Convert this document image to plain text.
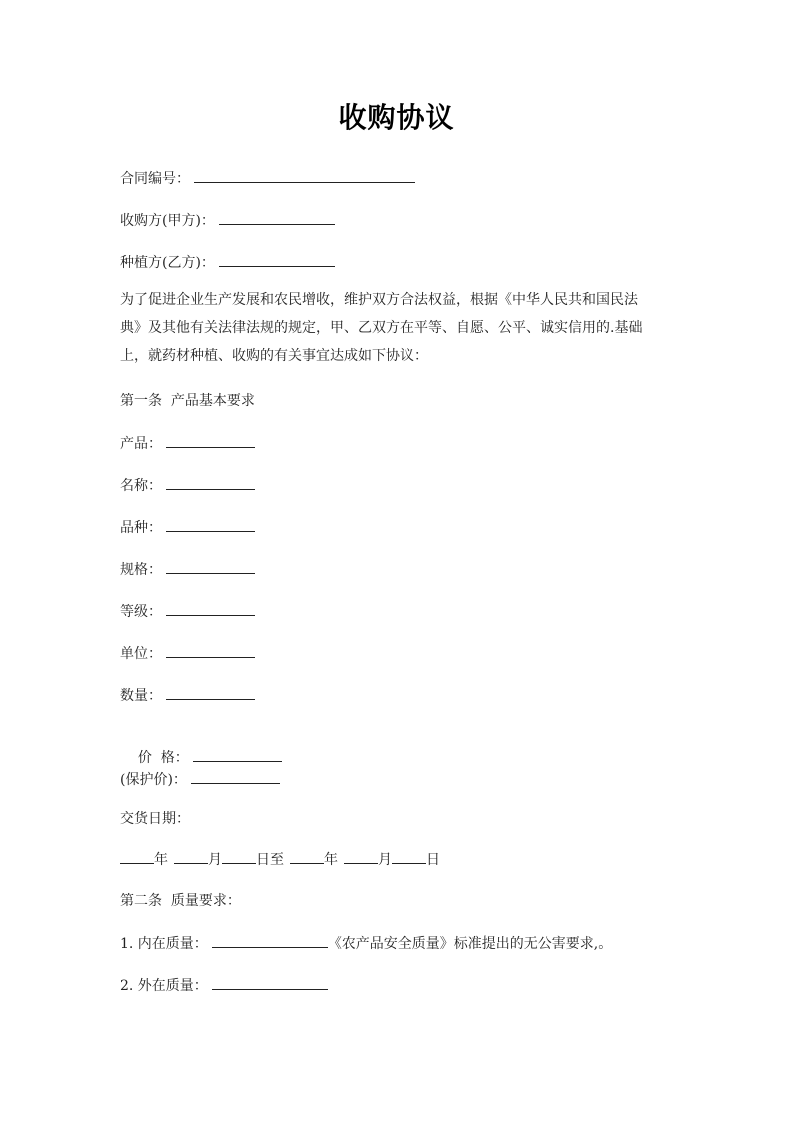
收购协议
合同编号：
收购方(甲方)：
种植方(乙方)：
为了促进企业生产发展和农民增收，维护双方合法权益，根据《中华人民共和国民法
典》及其他有关法律法规的规定，甲、乙双方在平等、自愿、公平、诚实信用的.基础
上，就药材种植、收购的有关事宜达成如下协议：
第一条  产品基本要求
产品：
名称：
品种：
规格：
等级：
单位：
数量：

价  格：

(保护价)：
交货日期：
年	月 日至	年	月 日
第二条  质量要求：
1. 内在质量：	《农产品安全质量》标准提出的无公害要求,。
2. 外在质量：
